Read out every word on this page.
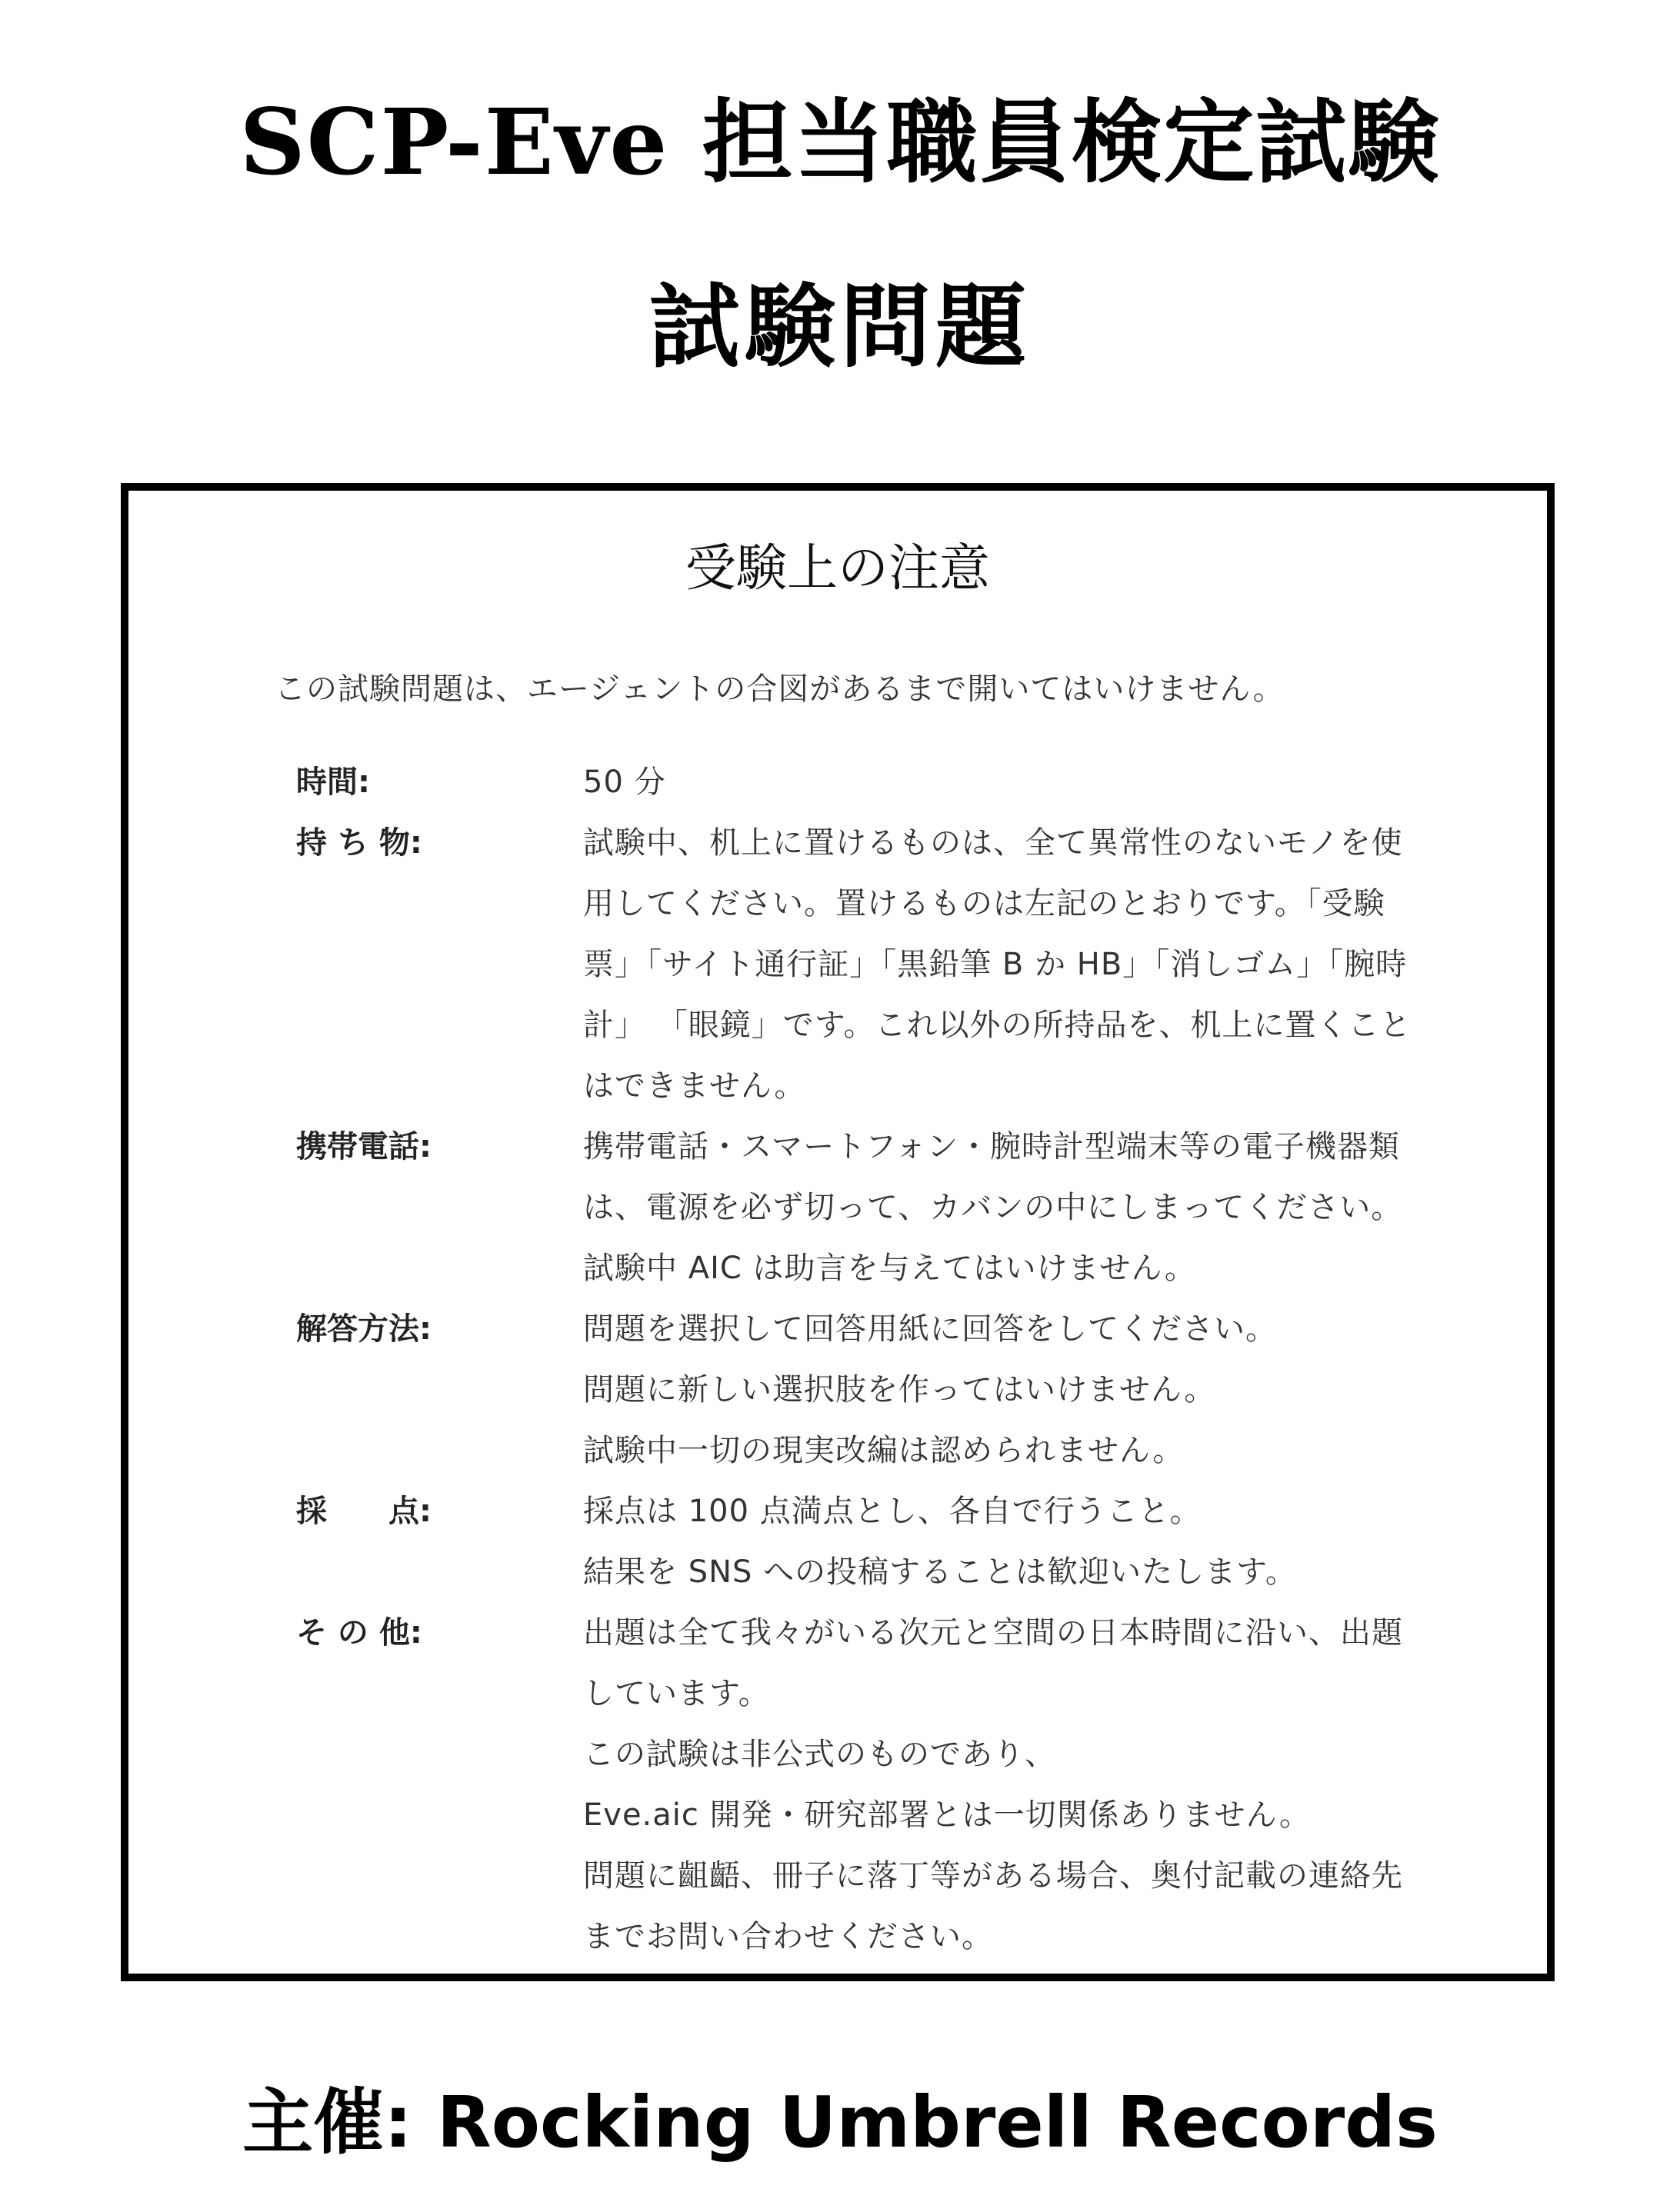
SCP-Eve 担当職員検定試験
試験問題
受験上の注意
この試験問題は、エージェントの合図があるまで開いてはいけません。
時間:	50 分
持 ち 物:	試験中、机上に置けるものは、全て異常性のないモノを使
用してください。置けるものは左記のとおりです。「受験
票」「サイト通行証」「黒鉛筆 B か HB」「消しゴム」「腕時
計」 「眼鏡」です。これ以外の所持品を、机上に置くこと
はできません。
携帯電話:	携帯電話・スマートフォン・腕時計型端末等の電子機器類
は、電源を必ず切って、カバンの中にしまってください。
試験中 AIC は助言を与えてはいけません。
解答方法:	問題を選択して回答用紙に回答をしてください。
問題に新しい選択肢を作ってはいけません。
試験中一切の現実改編は認められません。
採　　点:	採点は 100 点満点とし、各自で行うこと。
結果を SNS への投稿することは歓迎いたします。
そ の 他:	出題は全て我々がいる次元と空間の日本時間に沿い、出題
しています。
この試験は非公式のものであり、
Eve.aic 開発・研究部署とは一切関係ありません。
問題に齟齬、冊子に落丁等がある場合、奥付記載の連絡先
までお問い合わせください。
主催: Rocking Umbrell Records
